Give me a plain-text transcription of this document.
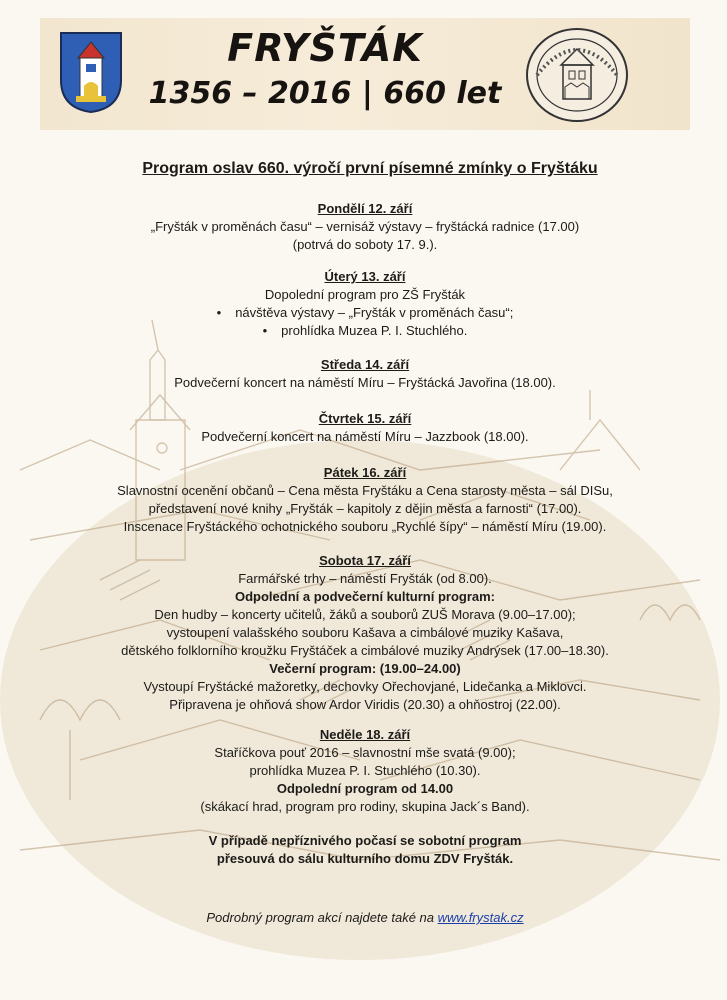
FRYŠTÁK
1356 – 2016 | 660 let
Program oslav 660. výročí první písemné zmínky o Fryštáku

Pondělí 12. září

„Fryšták v proměnách času“ – vernisáž výstavy – fryštácká radnice (17.00)

(potrvá do soboty 17. 9.).

Úterý 13. září

Dopolední program pro ZŠ Fryšták

• návštěva výstavy – „Fryšták v proměnách času“;

• prohlídka Muzea P. I. Stuchlého.

Středa 14. září

Podvečerní koncert na náměstí Míru – Fryštácká Javořina (18.00).

Čtvrtek 15. září

Podvečerní koncert na náměstí Míru – Jazzbook (18.00).

Pátek 16. září

Slavnostní ocenění občanů – Cena města Fryštáku a Cena starosty města – sál DISu,

představení nové knihy „Fryšták – kapitoly z dějin města a farnosti“ (17.00).

Inscenace Fryštáckého ochotnického souboru „Rychlé šípy“ – náměstí Míru (19.00).

Sobota 17. září

Farmářské trhy – náměstí Fryšták (od 8.00).

Odpolední a podvečerní kulturní program:

Den hudby – koncerty učitelů, žáků a souborů ZUŠ Morava (9.00–17.00);

vystoupení valašského souboru Kašava a cimbálové muziky Kašava,

dětského folklorního kroužku Fryštáček a cimbálové muziky Andrýsek (17.00–18.30).

Večerní program: (19.00–24.00)

Vystoupí Fryštácké mažoretky, dechovky Ořechovjané, Lidečanka a Miklovci.

Připravena je ohňová show Ardor Viridis (20.30) a ohňostroj (22.00).

Neděle 18. září

Staříčkova pouť 2016 – slavnostní mše svatá (9.00);

prohlídka Muzea P. I. Stuchlého (10.30).

Odpolední program od 14.00

(skákací hrad, program pro rodiny, skupina Jack´s Band).

V případě nepříznivého počasí se sobotní program

přesouvá do sálu kulturního domu ZDV Fryšták.

Podrobný program akcí najdete také na www.frystak.cz
